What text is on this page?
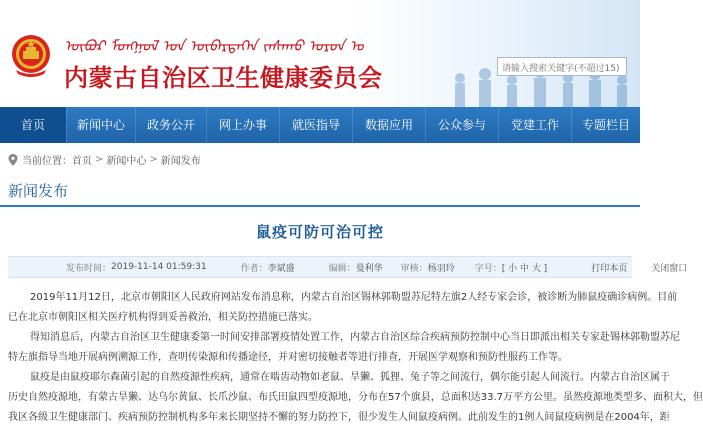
ᠥᠪᠥᠷ ᠮᠣᠩᠭᠣᠯ ᠤᠨ ᠥᠪᠡᠷᠲᠡᠭᠡᠨ ᠵᠠᠰᠠᠬᠤ ᠣᠷᠣᠨ ᠤ
内蒙古自治区卫生健康委员会	请输入搜索关键字(不超过15)
首页	新闻中心	政务公开	网上办事	就医指导	数据应用	公众参与	党建工作	专题栏目
当前位置： 首页 > 新闻中心 > 新闻发布
新闻发布
鼠疫可防可治可控
发布时间： 2019-11-14 01:59:31	作者： 李斌盛	编辑： 曼利华 审核： 杨羽玲 字号： [ 小 中 大 ]	打印本页	关闭窗口

2019年11月12日，北京市朝阳区人民政府网站发布消息称，内蒙古自治区锡林郭勒盟苏尼特左旗2人经专家会诊，被诊断为肺鼠疫确诊病例。目前

已在北京市朝阳区相关医疗机构得到妥善救治，相关防控措施已落实。

得知消息后，内蒙古自治区卫生健康委第一时间安排部署疫情处置工作，内蒙古自治区综合疾病预防控制中心当日即派出相关专家赴锡林郭勒盟苏尼

特左旗指导当地开展病例溯源工作，查明传染源和传播途径，并对密切接触者等进行排查，开展医学观察和预防性服药工作等。

鼠疫是由鼠疫耶尔森菌引起的自然疫源性疾病，通常在啮齿动物如老鼠、旱獭、狐狸、兔子等之间流行，偶尔能引起人间流行。内蒙古自治区属于

历史自然疫源地，有蒙古旱獭、达乌尔黄鼠、长爪沙鼠、布氏田鼠四型疫源地，分布在57个旗县，总面积达33.7万平方公里。虽然疫源地类型多、面积大，但

我区各级卫生健康部门、疾病预防控制机构多年来长期坚持不懈的努力防控下，很少发生人间鼠疫病例。此前发生的1例人间鼠疫病例是在2004年，距
